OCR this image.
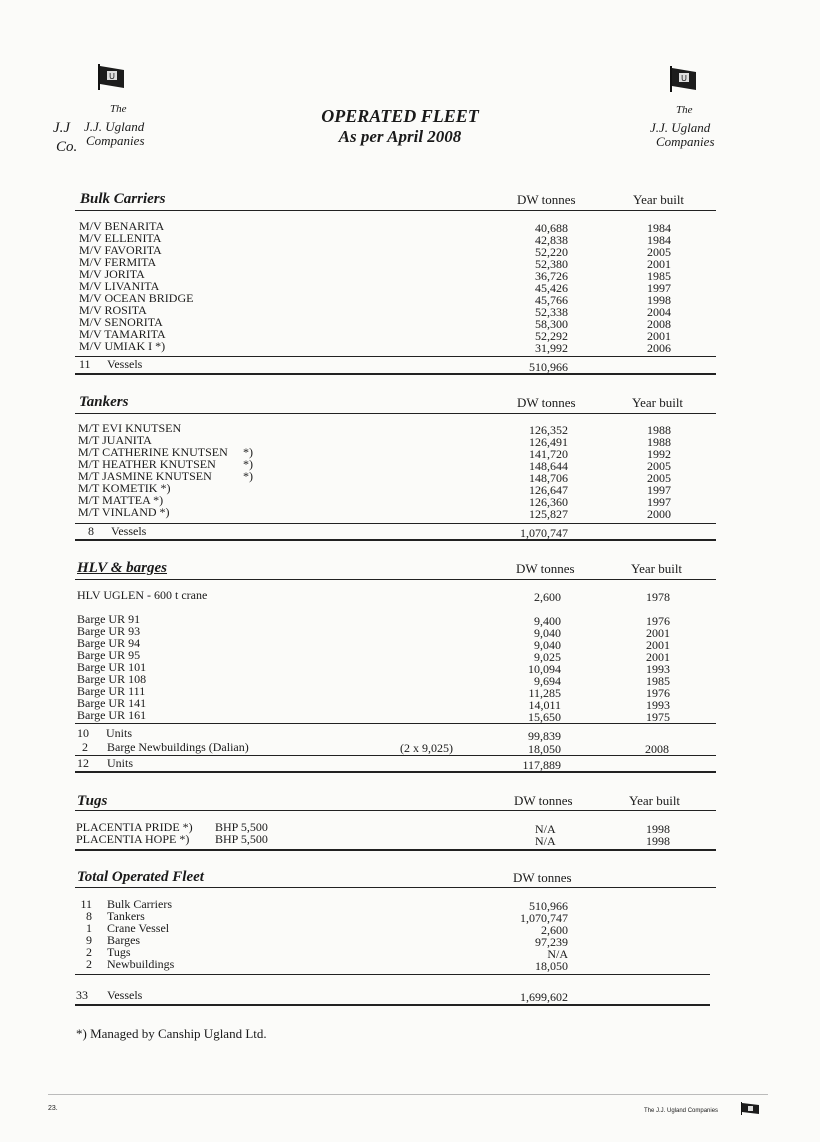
U
The
J.J J.J. Ugland
Companies
Co.
OPERATED FLEET
As per April 2008
U
The
J.J. Ugland
Companies
Bulk Carriers	DW tonnes	Year built
M/V BENARITA	40,688	1984
M/V ELLENITA	42,838	1984
M/V FAVORITA	52,220	2005
M/V FERMITA	52,380	2001
M/V JORITA	36,726	1985
M/V LIVANITA	45,426	1997
M/V OCEAN BRIDGE	45,766	1998
M/V ROSITA	52,338	2004
M/V SENORITA	58,300	2008
M/V TAMARITA	52,292	2001
M/V UMIAK I *)	31,992	2006
11 Vessels	510,966
Tankers	DW tonnes	Year built
M/T EVI KNUTSEN	126,352	1988
M/T JUANITA	126,491	1988
M/T CATHERINE KNUTSEN *)	141,720	1992
M/T HEATHER KNUTSEN *)	148,644	2005
M/T JASMINE KNUTSEN	*)	148,706	2005
M/T KOMETIK *)	126,647	1997
M/T MATTEA *)	126,360	1997
M/T VINLAND *)	125,827	2000
8 Vessels	1,070,747
HLV & barges	DW tonnes	Year built
HLV UGLEN - 600 t crane	2,600	1978
Barge UR 91	9,400	1976
Barge UR 93	9,040	2001
Barge UR 94	9,040	2001
Barge UR 95	9,025	2001
Barge UR 101	10,094	1993
Barge UR 108	9,694	1985
Barge UR 111	11,285	1976
Barge UR 141	14,011	1993
Barge UR 161	15,650	1975
10 Units	99,839
2 Barge Newbuildings (Dalian)	(2 x 9,025)	18,050	2008
12 Units	117,889
Tugs	DW tonnes	Year built
PLACENTIA PRIDE *) BHP 5,500	N/A	1998
PLACENTIA HOPE *) BHP 5,500	N/A	1998
Total Operated Fleet	DW tonnes
11 Bulk Carriers	510,966
8 Tankers	1,070,747
1 Crane Vessel	2,600
9 Barges	97,239
2 Tugs	N/A
2 Newbuildings	18,050
33 Vessels	1,699,602
*) Managed by Canship Ugland Ltd.
23.	The J.J. Ugland Companies
